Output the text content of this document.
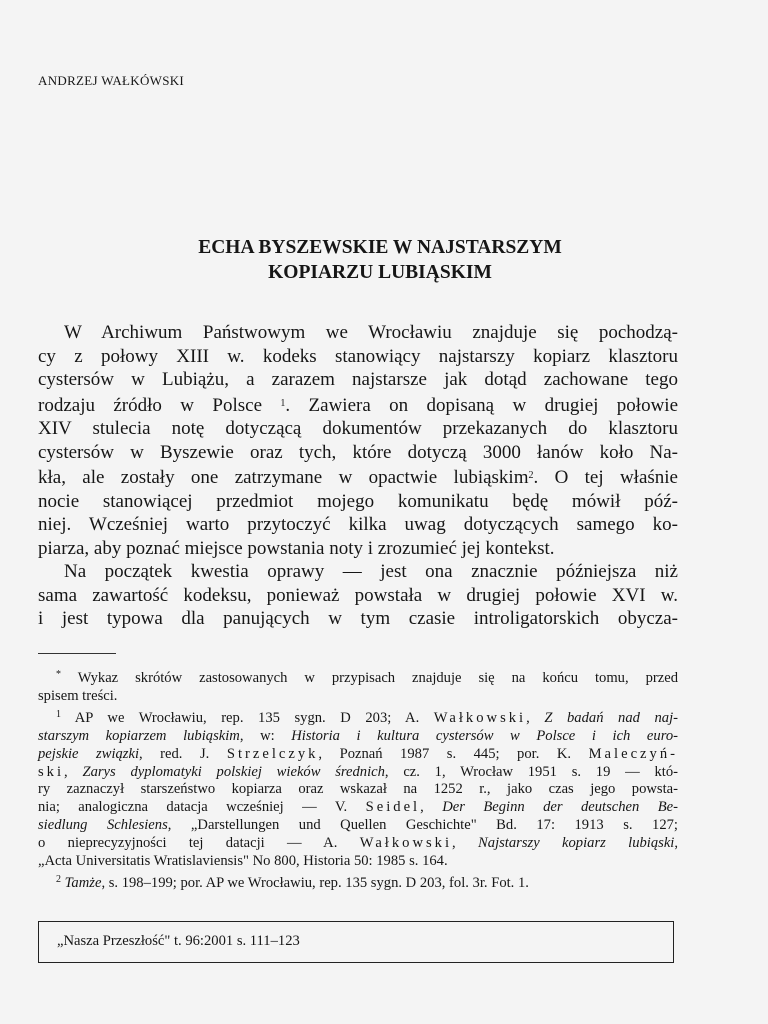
ANDRZEJ WAŁKÓWSKI
ECHA BYSZEWSKIE W NAJSTARSZYM
KOPIARZU LUBIĄSKIM
W Archiwum Państwowym we Wrocławiu znajduje się pochodzą-
cy z połowy XIII w. kodeks stanowiący najstarszy kopiarz klasztoru
cystersów w Lubiążu, a zarazem najstarsze jak dotąd zachowane tego
rodzaju źródło w Polsce $^1$. Zawiera on dopisaną w drugiej połowie
XIV stulecia notę dotyczącą dokumentów przekazanych do klasztoru
cystersów w Byszewie oraz tych, które dotyczą 3000 łanów koło Na-
kła, ale zostały one zatrzymane w opactwie lubiąskim$^2$. O tej właśnie
nocie stanowiącej przedmiot mojego komunikatu będę mówił póź-
niej. Wcześniej warto przytoczyć kilka uwag dotyczących samego ko-
piarza, aby poznać miejsce powstania noty i zrozumieć jej kontekst.
Na początek kwestia oprawy — jest ona znacznie późniejsza niż
sama zawartość kodeksu, ponieważ powstała w drugiej połowie XVI w.
i jest typowa dla panujących w tym czasie introligatorskich obycza-
* Wykaz skrótów zastosowanych w przypisach znajduje się na końcu tomu, przed
spisem treści.
$^1$ AP we Wrocławiu, rep. 135 sygn. D 203; A. Wałkowski, Z badań nad naj-
starszym kopiarzem lubiąskim, w: Historia i kultura cystersów w Polsce i ich euro-
pejskie związki, red. J. Strzelczyk, Poznań 1987 s. 445; por. K. Maleczyń-
ski, Zarys dyplomatyki polskiej wieków średnich, cz. 1, Wrocław 1951 s. 19 — któ-
ry zaznaczył starszeństwo kopiarza oraz wskazał na 1252 r., jako czas jego powsta-
nia; analogiczna datacja wcześniej — V. Seidel, Der Beginn der deutschen Be-
siedlung Schlesiens, „Darstellungen und Quellen Geschichte" Bd. 17: 1913 s. 127;
o nieprecyzyjności tej datacji — A. Wałkowski, Najstarszy kopiarz lubiąski,
„Acta Universitatis Wratislaviensis" No 800, Historia 50: 1985 s. 164.
$^2$ Tamże, s. 198–199; por. AP we Wrocławiu, rep. 135 sygn. D 203, fol. 3r. Fot. 1.
„Nasza Przeszłość" t. 96:2001 s. 111–123
